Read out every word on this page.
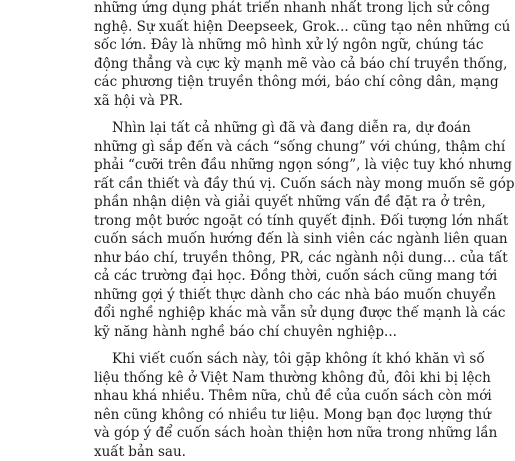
những ứng dụng phát triển nhanh nhất trong lịch sử công
nghệ. Sự xuất hiện Deepseek, Grok... cũng tạo nên những cú
sốc lớn. Đây là những mô hình xử lý ngôn ngữ, chúng tác
động thẳng và cực kỳ mạnh mẽ vào cả báo chí truyền thống,
các phương tiện truyền thông mới, báo chí công dân, mạng
xã hội và PR.
Nhìn lại tất cả những gì đã và đang diễn ra, dự đoán
những gì sắp đến và cách “sống chung” với chúng, thậm chí
phải “cưỡi trên đầu những ngọn sóng”, là việc tuy khó nhưng
rất cần thiết và đầy thú vị. Cuốn sách này mong muốn sẽ góp
phần nhận diện và giải quyết những vấn đề đặt ra ở trên,
trong một bước ngoặt có tính quyết định. Đối tượng lớn nhất
cuốn sách muốn hướng đến là sinh viên các ngành liên quan
như báo chí, truyền thông, PR, các ngành nội dung... của tất
cả các trường đại học. Đồng thời, cuốn sách cũng mang tới
những gợi ý thiết thực dành cho các nhà báo muốn chuyển
đổi nghề nghiệp khác mà vẫn sử dụng được thế mạnh là các
kỹ năng hành nghề báo chí chuyên nghiệp...
Khi viết cuốn sách này, tôi gặp không ít khó khăn vì số
liệu thống kê ở Việt Nam thường không đủ, đôi khi bị lệch
nhau khá nhiều. Thêm nữa, chủ đề của cuốn sách còn mới
nên cũng không có nhiều tư liệu. Mong bạn đọc lượng thứ
và góp ý để cuốn sách hoàn thiện hơn nữa trong những lần
xuất bản sau.
